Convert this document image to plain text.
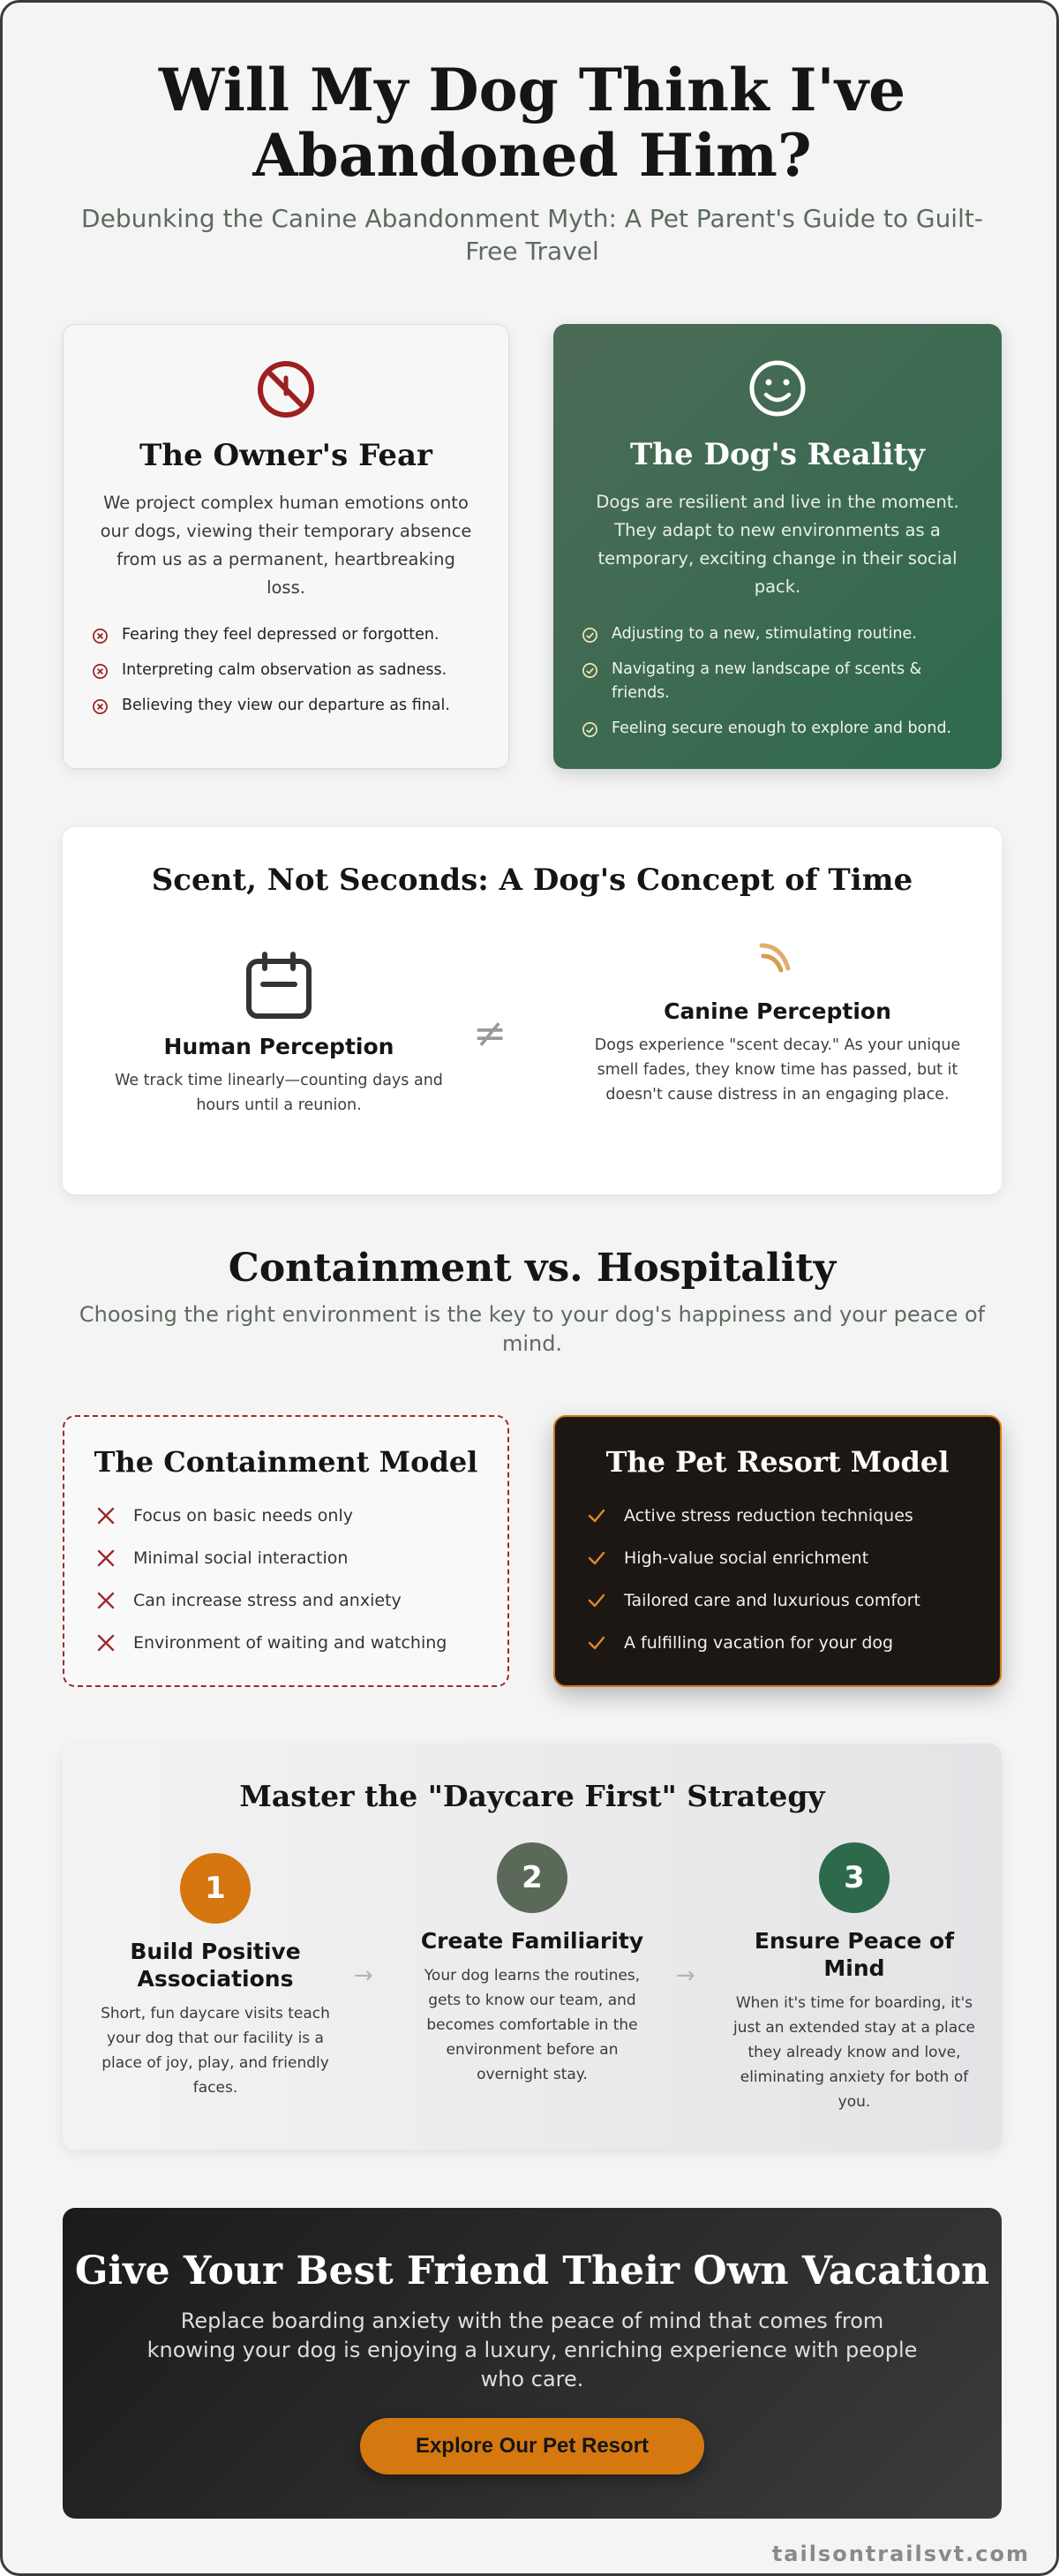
Will My Dog Think I've Abandoned Him?

Debunking the Canine Abandonment Myth: A Pet Parent's Guide to Guilt-Free Travel

The Owner's Fear

We project complex human emotions onto our dogs, viewing their temporary absence from us as a permanent, heartbreaking loss.

Fearing they feel depressed or forgotten.
Interpreting calm observation as sadness.
Believing they view our departure as final.
The Dog's Reality

Dogs are resilient and live in the moment. They adapt to new environments as a temporary, exciting change in their social pack.

Adjusting to a new, stimulating routine.
Navigating a new landscape of scents & friends.
Feeling secure enough to explore and bond.
Scent, Not Seconds: A Dog's Concept of Time
Human Perception
We track time linearly—counting days and hours until a reunion.
Canine Perception
Dogs experience "scent decay." As your unique smell fades, they know time has passed, but it doesn't cause distress in an engaging place.
≠
Containment vs. Hospitality

Choosing the right environment is the key to your dog's happiness and your peace of mind.

The Containment Model
Focus on basic needs only
Minimal social interaction
Can increase stress and anxiety
Environment of waiting and watching
The Pet Resort Model
Active stress reduction techniques
High-value social enrichment
Tailored care and luxurious comfort
A fulfilling vacation for your dog
Master the "Daycare First" Strategy
1
Build Positive Associations
Short, fun daycare visits teach your dog that our facility is a place of joy, play, and friendly faces.
→
2
Create Familiarity
Your dog learns the routines, gets to know our team, and becomes comfortable in the environment before an overnight stay.
→
3
Ensure Peace of Mind
When it's time for boarding, it's just an extended stay at a place they already know and love, eliminating anxiety for both of you.
Give Your Best Friend Their Own Vacation

Replace boarding anxiety with the peace of mind that comes from knowing your dog is enjoying a luxury, enriching experience with people who care.

Explore Our Pet Resort
tailsontrailsvt.com
